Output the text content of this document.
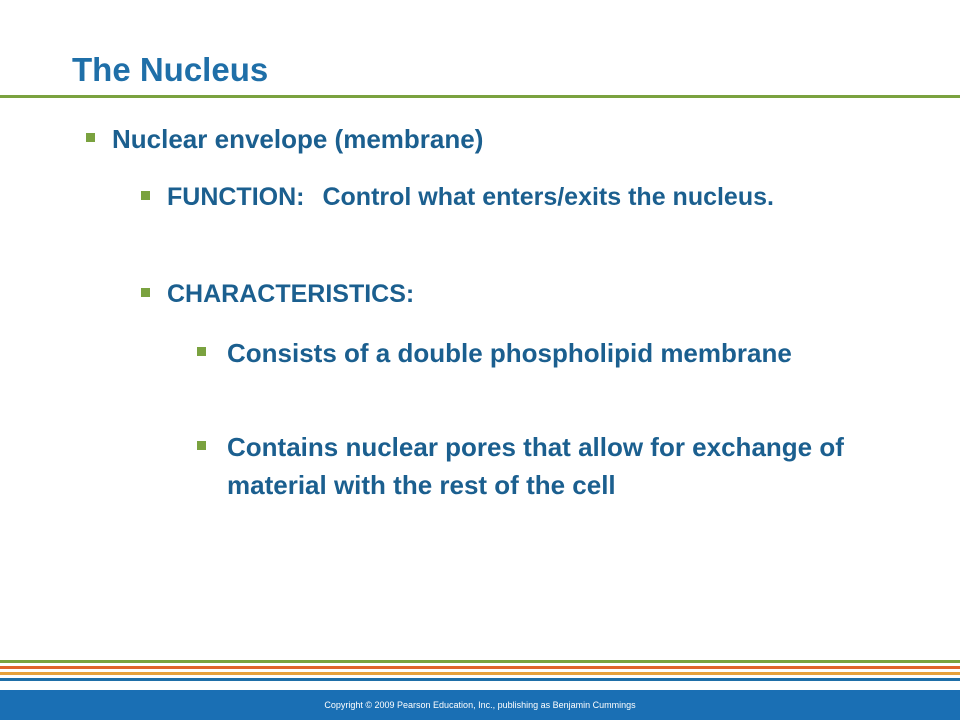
The Nucleus
Nuclear envelope (membrane)
FUNCTION: Control what enters/exits the nucleus.
CHARACTERISTICS:
Consists of a double phospholipid membrane
Contains nuclear pores that allow for exchange of material with the rest of the cell
Copyright © 2009 Pearson Education, Inc., publishing as Benjamin Cummings
